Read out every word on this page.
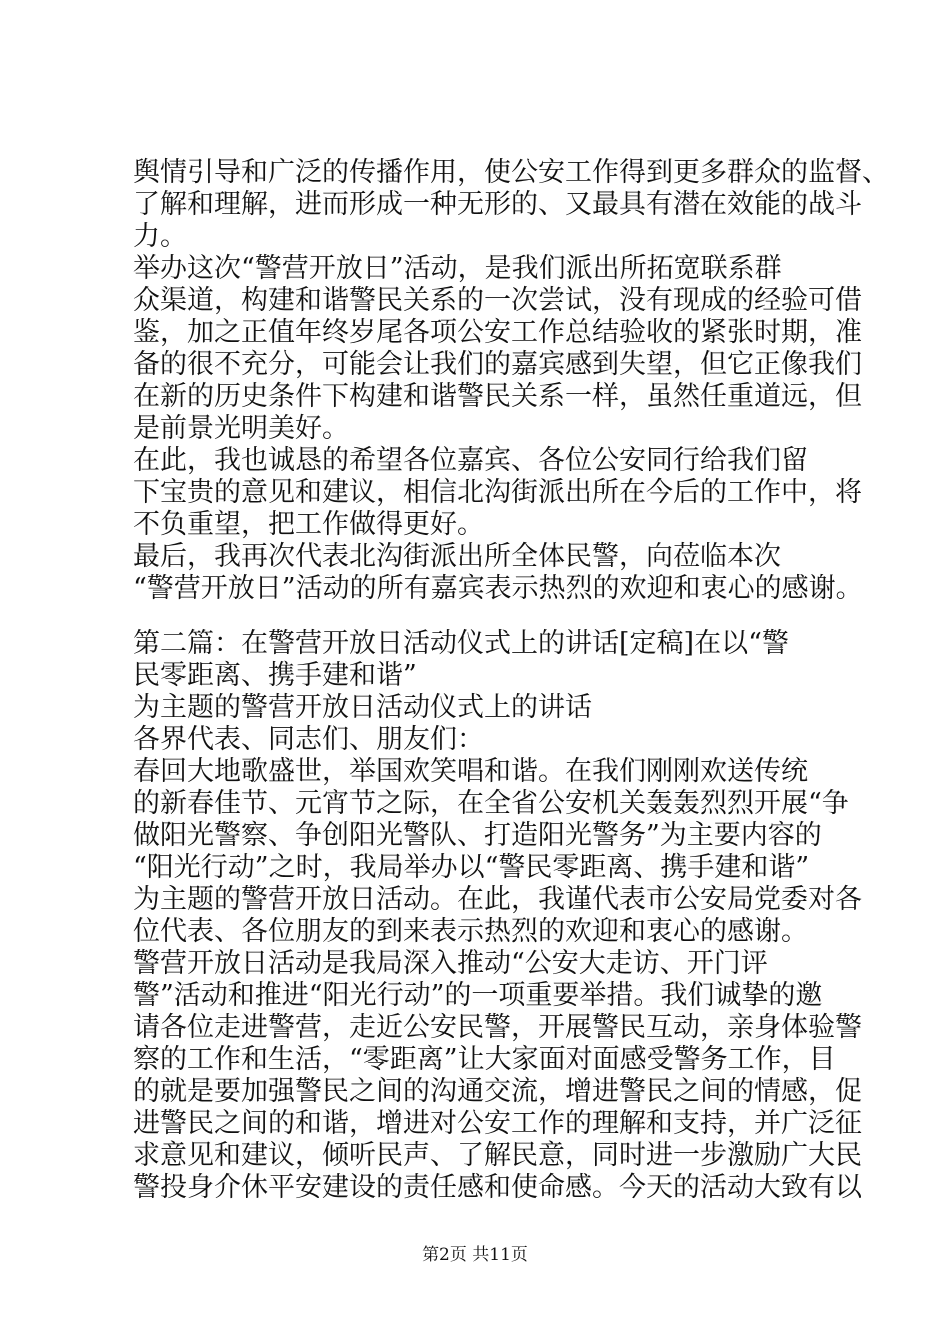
舆情引导和广泛的传播作用，使公安工作得到更多群众的监督、
了解和理解，进而形成一种无形的、又最具有潜在效能的战斗
力。
举办这次“警营开放日”活动，是我们派出所拓宽联系群
众渠道，构建和谐警民关系的一次尝试，没有现成的经验可借
鉴，加之正值年终岁尾各项公安工作总结验收的紧张时期，准
备的很不充分，可能会让我们的嘉宾感到失望，但它正像我们
在新的历史条件下构建和谐警民关系一样，虽然任重道远，但
是前景光明美好。
在此，我也诚恳的希望各位嘉宾、各位公安同行给我们留
下宝贵的意见和建议，相信北沟街派出所在今后的工作中，将
不负重望，把工作做得更好。
最后，我再次代表北沟街派出所全体民警，向莅临本次
“警营开放日”活动的所有嘉宾表示热烈的欢迎和衷心的感谢。
第二篇：在警营开放日活动仪式上的讲话[定稿]在以“警
民零距离、携手建和谐”
为主题的警营开放日活动仪式上的讲话
各界代表、同志们、朋友们：
春回大地歌盛世，举国欢笑唱和谐。在我们刚刚欢送传统
的新春佳节、元宵节之际，在全省公安机关轰轰烈烈开展“争
做阳光警察、争创阳光警队、打造阳光警务”为主要内容的
“阳光行动”之时，我局举办以“警民零距离、携手建和谐”
为主题的警营开放日活动。在此，我谨代表市公安局党委对各
位代表、各位朋友的到来表示热烈的欢迎和衷心的感谢。
警营开放日活动是我局深入推动“公安大走访、开门评
警”活动和推进“阳光行动”的一项重要举措。我们诚挚的邀
请各位走进警营，走近公安民警，开展警民互动，亲身体验警
察的工作和生活，“零距离”让大家面对面感受警务工作，目
的就是要加强警民之间的沟通交流，增进警民之间的情感，促
进警民之间的和谐，增进对公安工作的理解和支持，并广泛征
求意见和建议，倾听民声、了解民意，同时进一步激励广大民
警投身介休平安建设的责任感和使命感。今天的活动大致有以
第2页 共11页
